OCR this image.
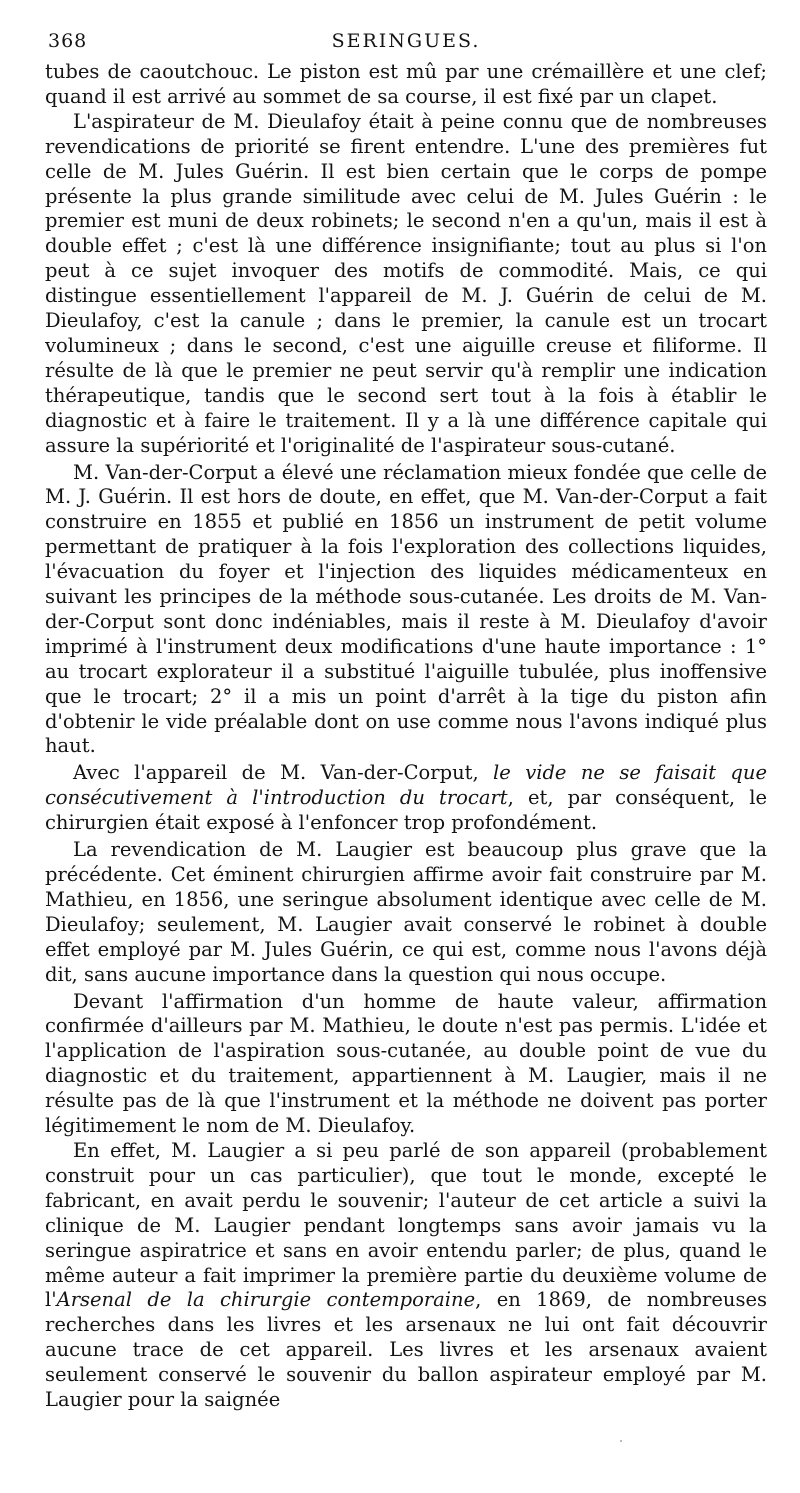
368	SERINGUES.

tubes de caoutchouc. Le piston est mû par une crémaillère et une clef; quand il est arrivé au sommet de sa course, il est fixé par un clapet.

L'aspirateur de M. Dieulafoy était à peine connu que de nombreuses revendications de priorité se firent entendre. L'une des premières fut celle de M. Jules Guérin. Il est bien certain que le corps de pompe présente la plus grande similitude avec celui de M. Jules Guérin : le premier est muni de deux robinets; le second n'en a qu'un, mais il est à double effet ; c'est là une différence insignifiante; tout au plus si l'on peut à ce sujet invoquer des motifs de commodité. Mais, ce qui distingue essentiellement l'appareil de M. J. Guérin de celui de M. Dieulafoy, c'est la canule ; dans le premier, la canule est un trocart volumineux ; dans le second, c'est une aiguille creuse et filiforme. Il résulte de là que le premier ne peut servir qu'à remplir une indication thérapeutique, tandis que le second sert tout à la fois à établir le diagnostic et à faire le traitement. Il y a là une différence capitale qui assure la supériorité et l'originalité de l'aspirateur sous-cutané.

M. Van-der-Corput a élevé une réclamation mieux fondée que celle de M. J. Guérin. Il est hors de doute, en effet, que M. Van-der-Corput a fait construire en 1855 et publié en 1856 un instrument de petit volume permettant de pratiquer à la fois l'exploration des collections liquides, l'évacuation du foyer et l'injection des liquides médicamenteux en suivant les principes de la méthode sous-cutanée. Les droits de M. Van-der-Corput sont donc indéniables, mais il reste à M. Dieulafoy d'avoir imprimé à l'instrument deux modifications d'une haute importance : 1° au trocart explorateur il a substitué l'aiguille tubulée, plus inoffensive que le trocart; 2° il a mis un point d'arrêt à la tige du piston afin d'obtenir le vide préalable dont on use comme nous l'avons indiqué plus haut.

Avec l'appareil de M. Van-der-Corput, le vide ne se faisait que consécutivement à l'introduction du trocart, et, par conséquent, le chirurgien était exposé à l'enfoncer trop profondément.

La revendication de M. Laugier est beaucoup plus grave que la précédente. Cet éminent chirurgien affirme avoir fait construire par M. Mathieu, en 1856, une seringue absolument identique avec celle de M. Dieulafoy; seulement, M. Laugier avait conservé le robinet à double effet employé par M. Jules Guérin, ce qui est, comme nous l'avons déjà dit, sans aucune importance dans la question qui nous occupe.

Devant l'affirmation d'un homme de haute valeur, affirmation confirmée d'ailleurs par M. Mathieu, le doute n'est pas permis. L'idée et l'application de l'aspiration sous-cutanée, au double point de vue du diagnostic et du traitement, appartiennent à M. Laugier, mais il ne résulte pas de là que l'instrument et la méthode ne doivent pas porter légitimement le nom de M. Dieulafoy.

En effet, M. Laugier a si peu parlé de son appareil (probablement construit pour un cas particulier), que tout le monde, excepté le fabricant, en avait perdu le souvenir; l'auteur de cet article a suivi la clinique de M. Laugier pendant longtemps sans avoir jamais vu la seringue aspiratrice et sans en avoir entendu parler; de plus, quand le même auteur a fait imprimer la première partie du deuxième volume de l'Arsenal de la chirurgie contemporaine, en 1869, de nombreuses recherches dans les livres et les arsenaux ne lui ont fait découvrir aucune trace de cet appareil. Les livres et les arsenaux avaient seulement conservé le souvenir du ballon aspirateur employé par M. Laugier pour la saignée
